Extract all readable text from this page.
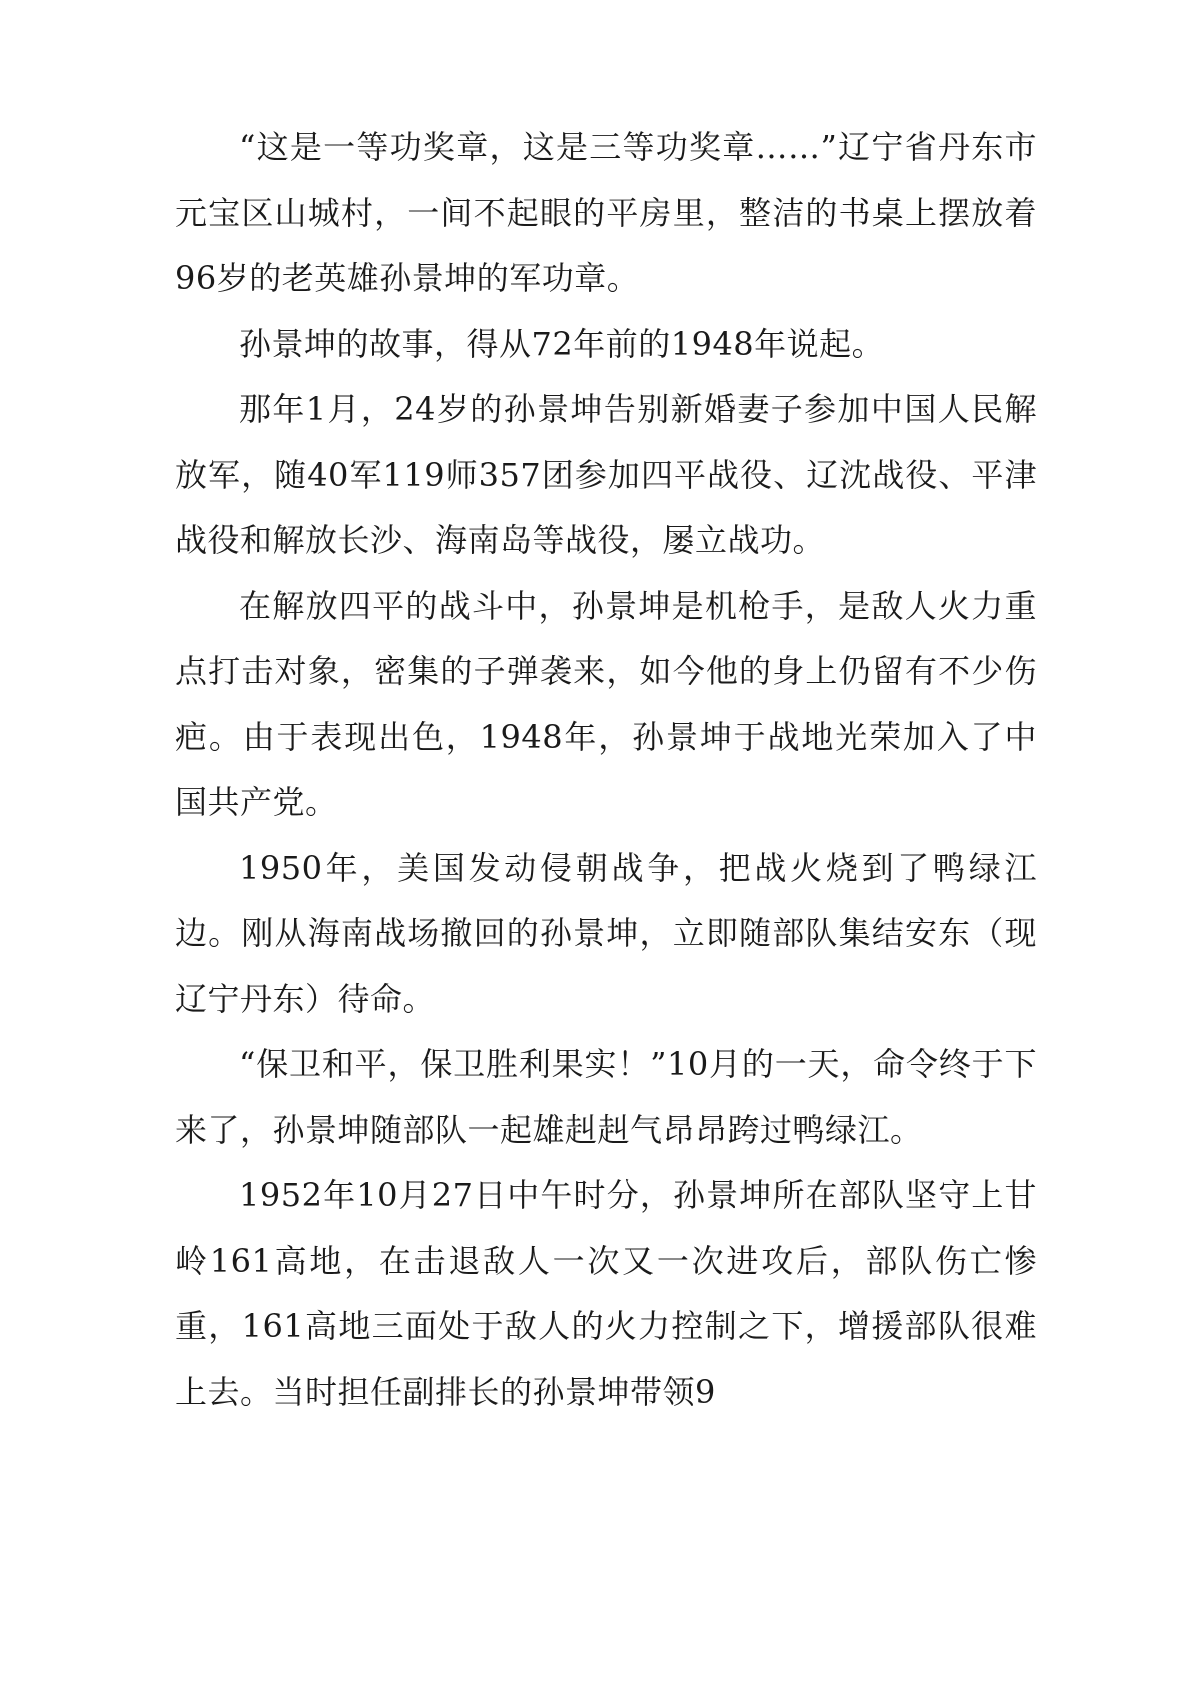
“这是一等功奖章，这是三等功奖章……”辽宁省丹东市元宝区山城村，一间不起眼的平房里，整洁的书桌上摆放着96岁的老英雄孙景坤的军功章。

孙景坤的故事，得从72年前的1948年说起。

那年1月，24岁的孙景坤告别新婚妻子参加中国人民解放军，随40军119师357团参加四平战役、辽沈战役、平津战役和解放长沙、海南岛等战役，屡立战功。

在解放四平的战斗中，孙景坤是机枪手，是敌人火力重点打击对象，密集的子弹袭来，如今他的身上仍留有不少伤疤。由于表现出色，1948年，孙景坤于战地光荣加入了中国共产党。

1950年，美国发动侵朝战争，把战火烧到了鸭绿江边。刚从海南战场撤回的孙景坤，立即随部队集结安东（现辽宁丹东）待命。

“保卫和平，保卫胜利果实！”10月的一天，命令终于下来了，孙景坤随部队一起雄赳赳气昂昂跨过鸭绿江。

1952年10月27日中午时分，孙景坤所在部队坚守上甘岭161高地，在击退敌人一次又一次进攻后，部队伤亡惨重，161高地三面处于敌人的火力控制之下，增援部队很难上去。当时担任副排长的孙景坤带领9
